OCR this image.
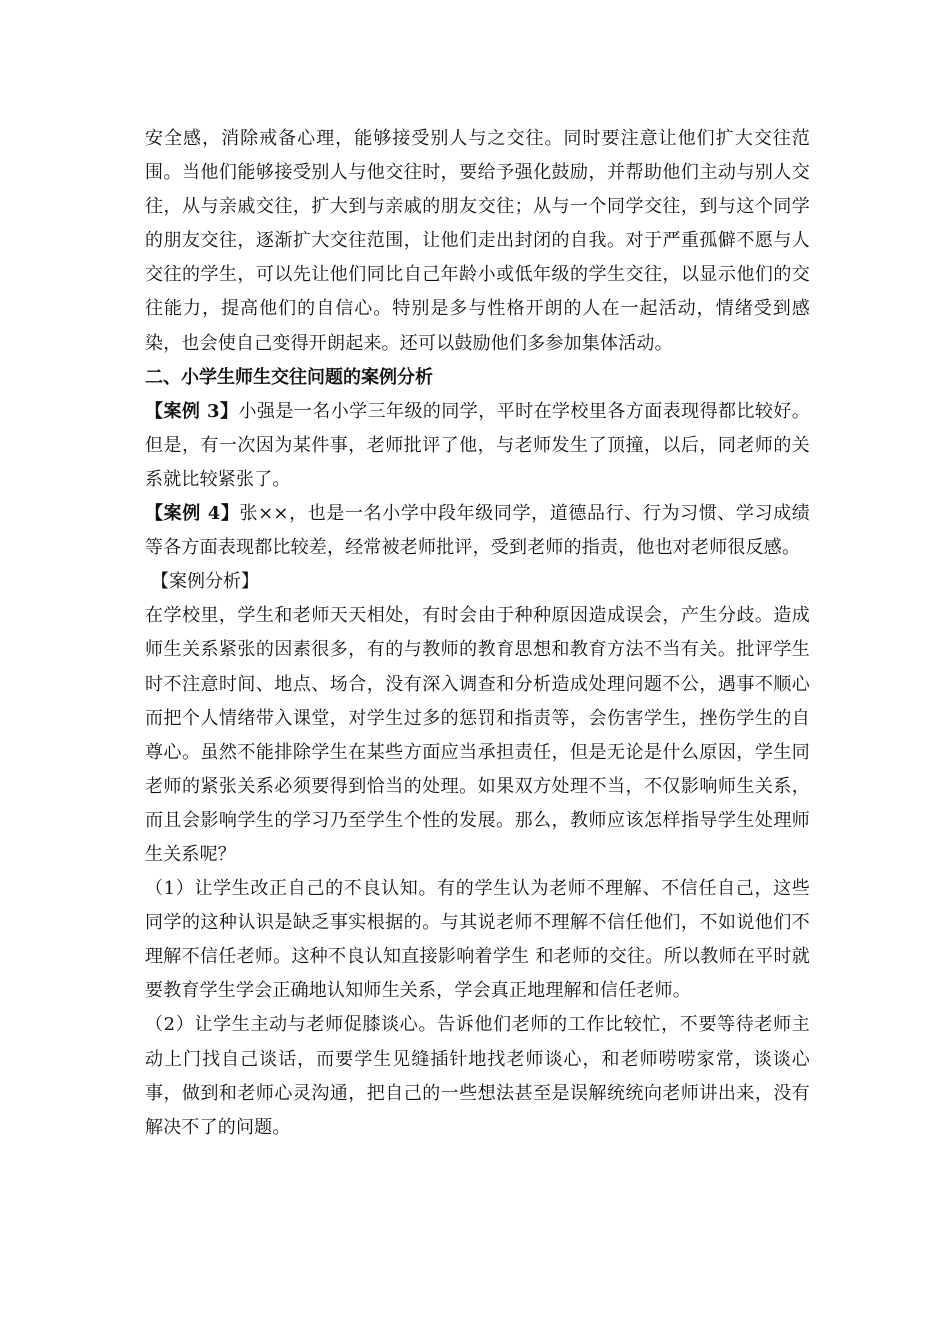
安全感，消除戒备心理，能够接受别人与之交往。同时要注意让他们扩大交往范围。当他们能够接受别人与他交往时，要给予强化鼓励，并帮助他们主动与别人交往，从与亲戚交往，扩大到与亲戚的朋友交往；从与一个同学交往，到与这个同学的朋友交往，逐渐扩大交往范围，让他们走出封闭的自我。对于严重孤僻不愿与人交往的学生，可以先让他们同比自己年龄小或低年级的学生交往，以显示他们的交往能力，提高他们的自信心。特别是多与性格开朗的人在一起活动，情绪受到感染，也会使自己变得开朗起来。还可以鼓励他们多参加集体活动。

二、小学生师生交往问题的案例分析

【案例 3】小强是一名小学三年级的同学，平时在学校里各方面表现得都比较好。但是，有一次因为某件事，老师批评了他，与老师发生了顶撞，以后，同老师的关系就比较紧张了。

【案例 4】张××，也是一名小学中段年级同学，道德品行、行为习惯、学习成绩等各方面表现都比较差，经常被老师批评，受到老师的指责，他也对老师很反感。

【案例分析】

在学校里，学生和老师天天相处，有时会由于种种原因造成误会，产生分歧。造成师生关系紧张的因素很多，有的与教师的教育思想和教育方法不当有关。批评学生时不注意时间、地点、场合，没有深入调查和分析造成处理问题不公，遇事不顺心而把个人情绪带入课堂，对学生过多的惩罚和指责等，会伤害学生，挫伤学生的自尊心。虽然不能排除学生在某些方面应当承担责任，但是无论是什么原因，学生同老师的紧张关系必须要得到恰当的处理。如果双方处理不当，不仅影响师生关系，而且会影响学生的学习乃至学生个性的发展。那么，教师应该怎样指导学生处理师生关系呢？

（1）让学生改正自己的不良认知。有的学生认为老师不理解、不信任自己，这些同学的这种认识是缺乏事实根据的。与其说老师不理解不信任他们，不如说他们不理解不信任老师。这种不良认知直接影响着学生 和老师的交往。所以教师在平时就要教育学生学会正确地认知师生关系，学会真正地理解和信任老师。

（2）让学生主动与老师促膝谈心。告诉他们老师的工作比较忙，不要等待老师主动上门找自己谈话，而要学生见缝插针地找老师谈心，和老师唠唠家常，谈谈心事，做到和老师心灵沟通，把自己的一些想法甚至是误解统统向老师讲出来，没有解决不了的问题。
